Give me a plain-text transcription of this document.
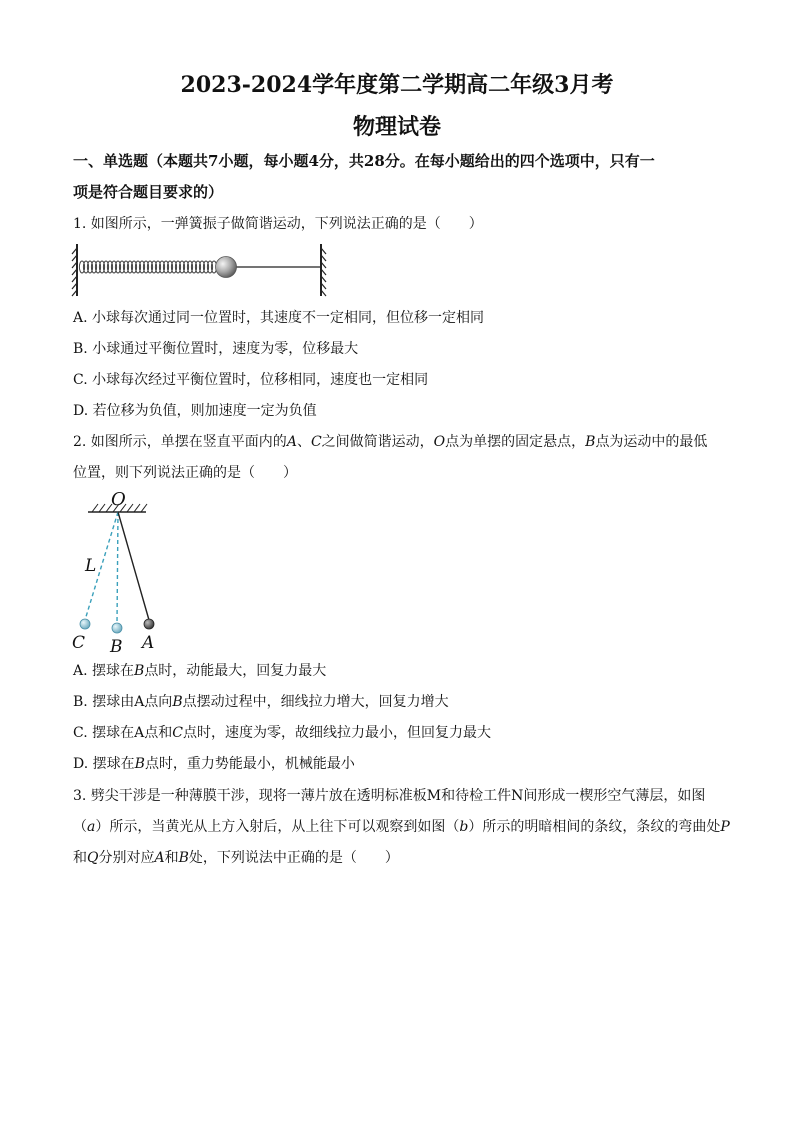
2023-2024学年度第二学期高二年级3月考
物理试卷
一、单选题（本题共7小题，每小题4分，共28分。在每小题给出的四个选项中，只有一
项是符合题目要求的）
1. 如图所示，一弹簧振子做简谐运动，下列说法正确的是（　　）
A. 小球每次通过同一位置时，其速度不一定相同，但位移一定相同
B. 小球通过平衡位置时，速度为零，位移最大
C. 小球每次经过平衡位置时，位移相同，速度也一定相同
D. 若位移为负值，则加速度一定为负值
2. 如图所示，单摆在竖直平面内的A、C之间做简谐运动，O点为单摆的固定悬点，B点为运动中的最低
位置，则下列说法正确的是（　　）
O
L
C B A
A. 摆球在B点时，动能最大，回复力最大
B. 摆球由A点向B点摆动过程中，细线拉力增大，回复力增大
C. 摆球在A点和C点时，速度为零，故细线拉力最小，但回复力最大
D. 摆球在B点时，重力势能最小，机械能最小
3. 劈尖干涉是一种薄膜干涉，现将一薄片放在透明标准板M和待检工件N间形成一楔形空气薄层，如图
（a）所示，当黄光从上方入射后，从上往下可以观察到如图（b）所示的明暗相间的条纹，条纹的弯曲处P
和Q分别对应A和B处，下列说法中正确的是（　　）
